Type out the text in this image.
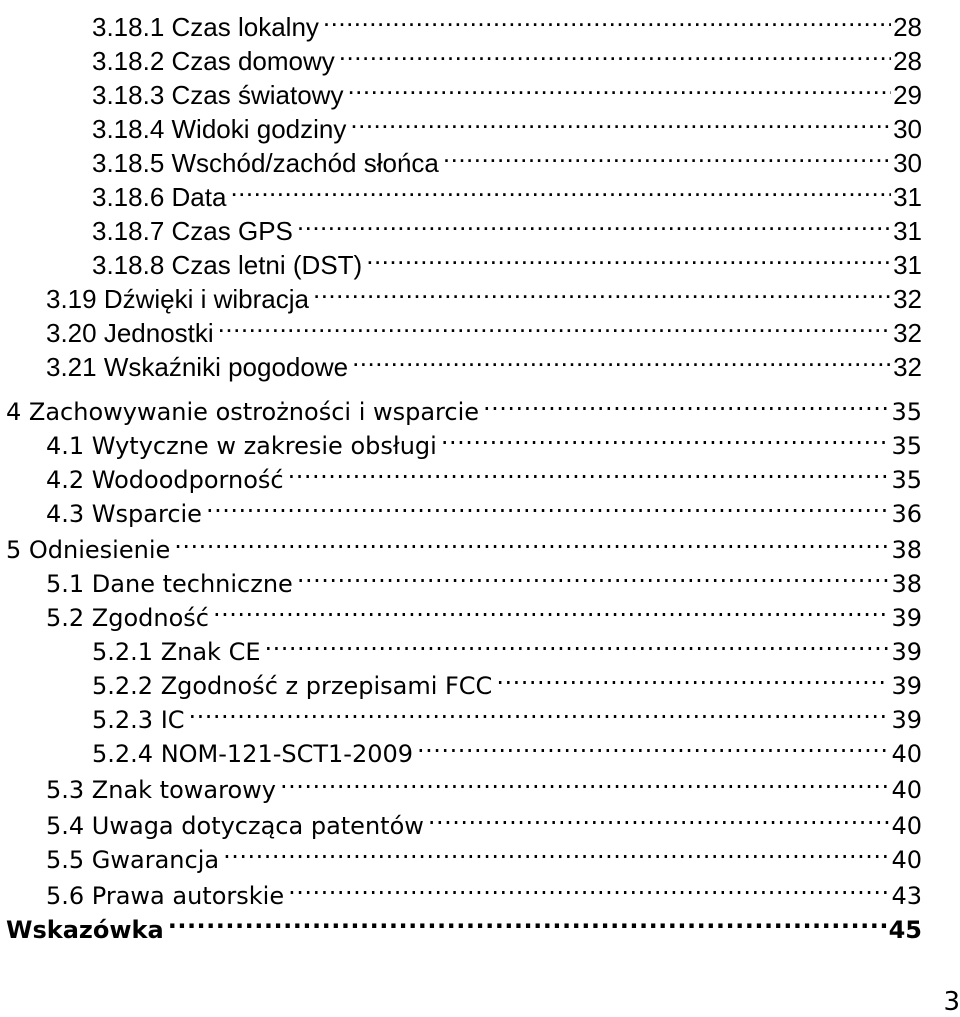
3.18.1 Czas lokalny .....	28
3.18.2 Czas domowy .....	28
3.18.3 Czas światowy .....	29
3.18.4 Widoki godziny .....	30
3.18.5 Wschód/zachód słońca .....	30
3.18.6 Data .....	31
3.18.7 Czas GPS .....	31
3.18.8 Czas letni (DST) .....	31
3.19 Dźwięki i wibracja .....	32
3.20 Jednostki .....	32
3.21 Wskaźniki pogodowe .....	32
4 Zachowywanie ostrożności i wsparcie .....	35
4.1 Wytyczne w zakresie obsługi .....	35
4.2 Wodoodporność .....	35
4.3 Wsparcie .....	36
5 Odniesienie .....	38
5.1 Dane techniczne .....	38
5.2 Zgodność .....	39
5.2.1 Znak CE .....	39
5.2.2 Zgodność z przepisami FCC .....	39
5.2.3 IC .....	39
5.2.4 NOM-121-SCT1-2009 .....	40
5.3 Znak towarowy .....	40
5.4 Uwaga dotycząca patentów .....	40
5.5 Gwarancja .....	40
5.6 Prawa autorskie .....	43
Wskazówka .....	45
3
